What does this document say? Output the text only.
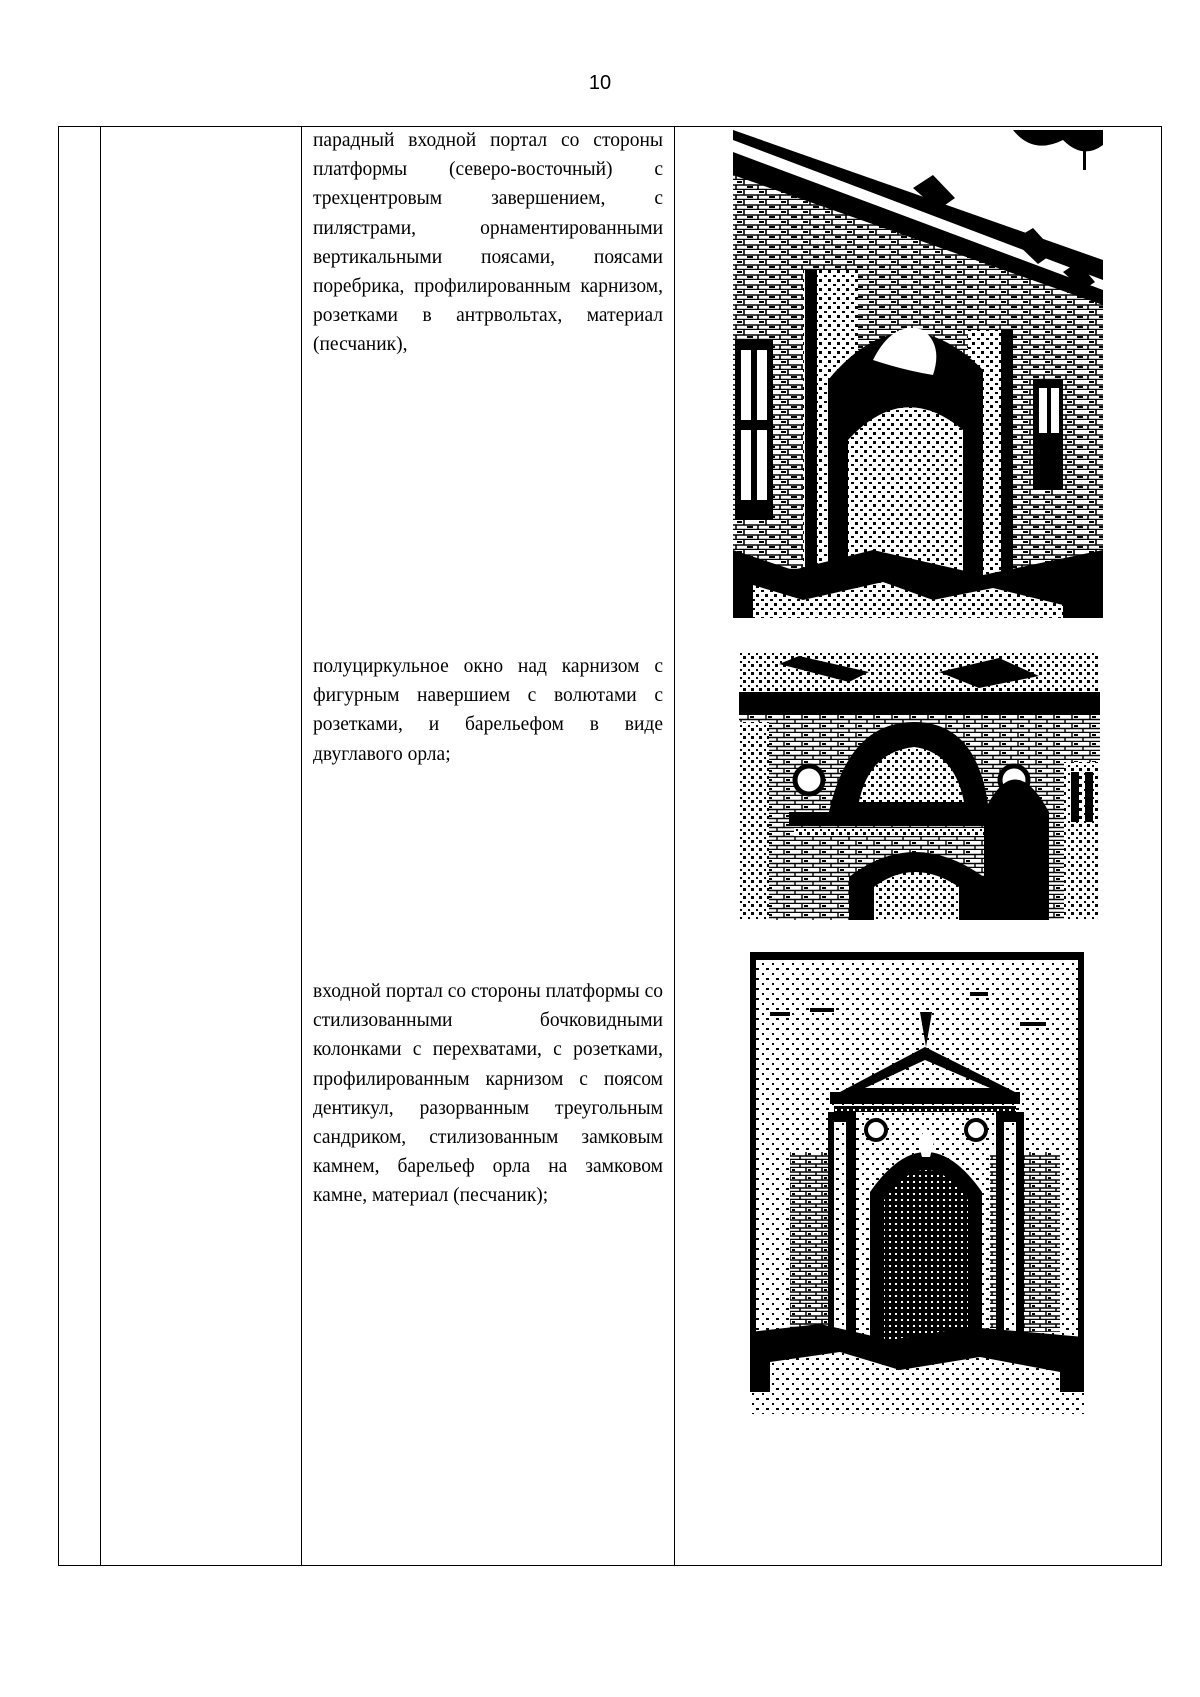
10
парадный входной портал со стороны платформы (северо-восточный) с трехцентровым завершением, с пилястрами, орнаментированными вертикальными поясами, поясами поребрика, профилированным карнизом, розетками в антрвольтах, материал (песчаник),
полуциркульное окно над карнизом с фигурным навершием с волютами с розетками, и барельефом в виде двуглавого орла;
входной портал со стороны платформы со стилизованными бочковидными колонками с перехватами, с розетками, профилированным карнизом с поясом дентикул, разорванным треугольным сандриком, стилизованным замковым камнем, барельеф орла на замковом камне, материал (песчаник);
